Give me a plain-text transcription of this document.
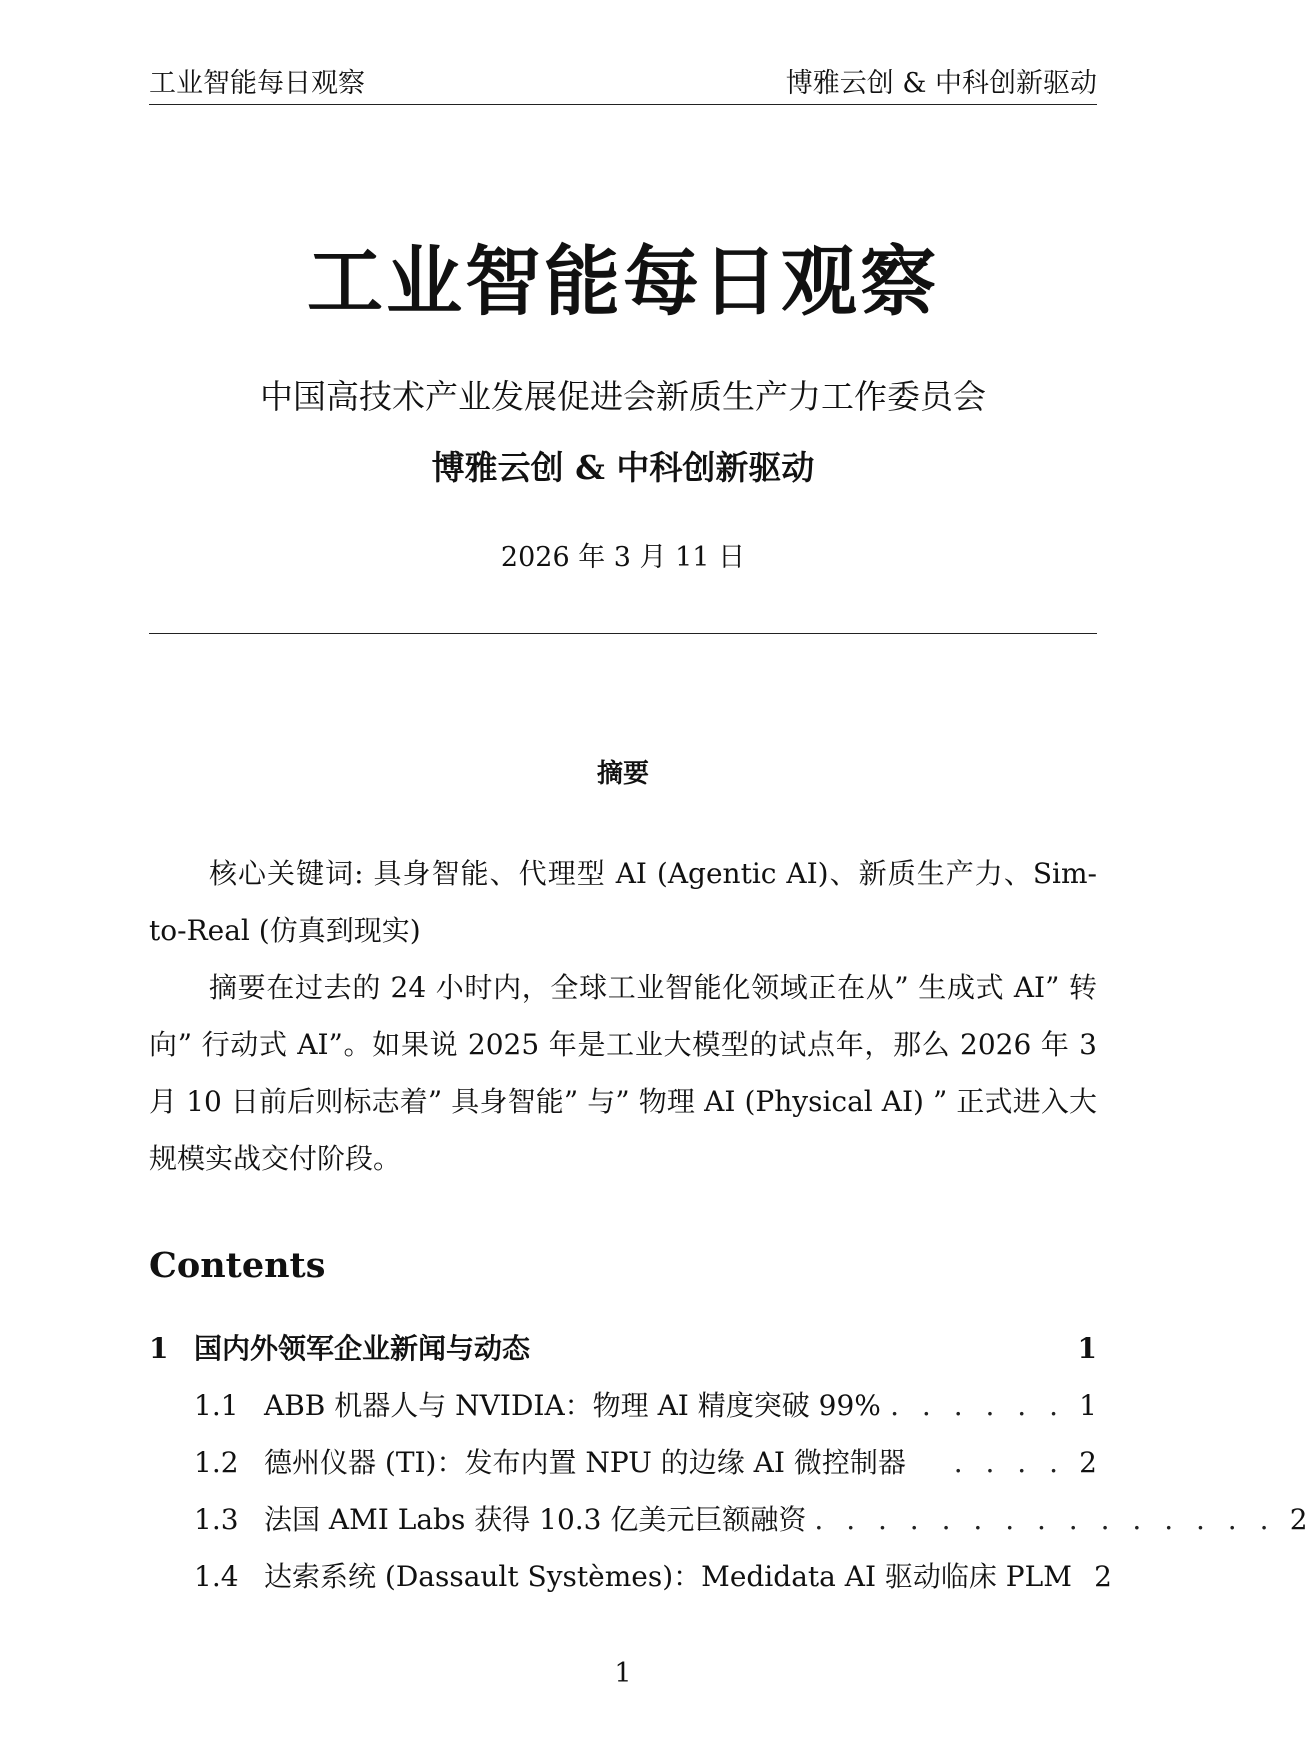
工业智能每日观察	博雅云创 & 中科创新驱动
工业智能每日观察
中国高技术产业发展促进会新质生产力工作委员会
博雅云创 & 中科创新驱动
2026 年 3 月 11 日
摘要

核心关键词: 具身智能、代理型 AI (Agentic AI)、新质生产力、Sim-to-Real (仿真到现实)

摘要在过去的 24 小时内，全球工业智能化领域正在从” 生成式 AI” 转向” 行动式 AI”。如果说 2025 年是工业大模型的试点年，那么 2026 年 3 月 10 日前后则标志着” 具身智能” 与” 物理 AI (Physical AI) ” 正式进入大规模实战交付阶段。

Contents
1 国内外领军企业新闻与动态	1
1.1 ABB 机器人与 NVIDIA：物理 AI 精度突破 99% . . . . . . 1
1.2 德州仪器 (TI)：发布内置 NPU 的边缘 AI 微控制器	. . . . 2
1.3 法国 AMI Labs 获得 10.3 亿美元巨额融资 . . . . . . . . . . . . . . . 2
1.4 达索系统 (Dassault Systèmes)：Medidata AI 驱动临床 PLM 2
1
